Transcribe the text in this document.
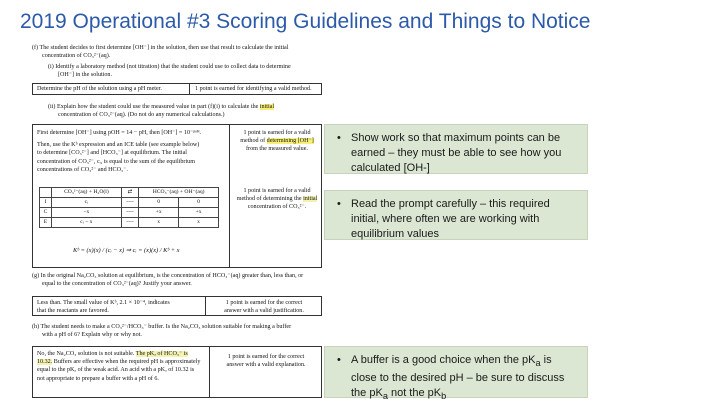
2019 Operational #3 Scoring Guidelines and Things to Notice
(f) The student decides to first determine [OH⁻] in the solution, then use that result to calculate the initial
concentration of CO₃²⁻(aq).
(i) Identify a laboratory method (not titration) that the student could use to collect data to determine
[OH⁻] in the solution.
Determine the pH of the solution using a pH meter.	1 point is earned for identifying a valid method.
(ii) Explain how the student could use the measured value in part (f)(i) to calculate the initial
concentration of CO₃²⁻(aq). (Do not do any numerical calculations.)
First determine [OH⁻] using pOH = 14 − pH, then [OH⁻] = 10⁻ᵖᵒᴴ.
Then, use the Kᵇ expression and an ICE table (see example below)
to determine [CO₃²⁻] and [HCO₃⁻] at equilibrium. The initial
concentration of CO₃²⁻, cᵢ, is equal to the sum of the equilibrium
concentrations of CO₃²⁻ and HCO₃⁻.
	CO₃²⁻(aq) + H₂O(l)	⇄	HCO₃⁻(aq) + OH⁻(aq)	
I	cᵢ	----	0	0
C	−x	----	+x	+x
E	cᵢ − x	----	x	x
Kᵇ = (x)(x) / (cᵢ − x) ⇒ cᵢ = (x)(x) / Kᵇ + x
1 point is earned for a valid
method of determining [OH⁻]
from the measured value.
1 point is earned for a valid
method of determining the initial
concentration of CO₃²⁻.
(g) In the original Na₂CO₃ solution at equilibrium, is the concentration of HCO₃⁻(aq) greater than, less than, or
equal to the concentration of CO₃²⁻(aq)? Justify your answer.
Less than. The small value of Kᵇ, 2.1 × 10⁻⁴, indicates
that the reactants are favored.
1 point is earned for the correct
answer with a valid justification.
(h) The student needs to make a CO₃²⁻/HCO₃⁻ buffer. Is the Na₂CO₃ solution suitable for making a buffer
with a pH of 6? Explain why or why not.
No, the Na₂CO₃ solution is not suitable. The pKₐ of HCO₃⁻ is
10.32. Buffers are effective when the required pH is approximately
equal to the pKₐ of the weak acid. An acid with a pKₐ of 10.32 is
not appropriate to prepare a buffer with a pH of 6.
1 point is earned for the correct
answer with a valid explanation.
• Show work so that maximum points can be earned – they must be able to see how you calculated [OH-]
• Read the prompt carefully – this required initial, where often we are working with equilibrium values
• A buffer is a good choice when the $pK_a$ is close to the desired pH – be sure to discuss the $pK_a$ not the $pK_b$
